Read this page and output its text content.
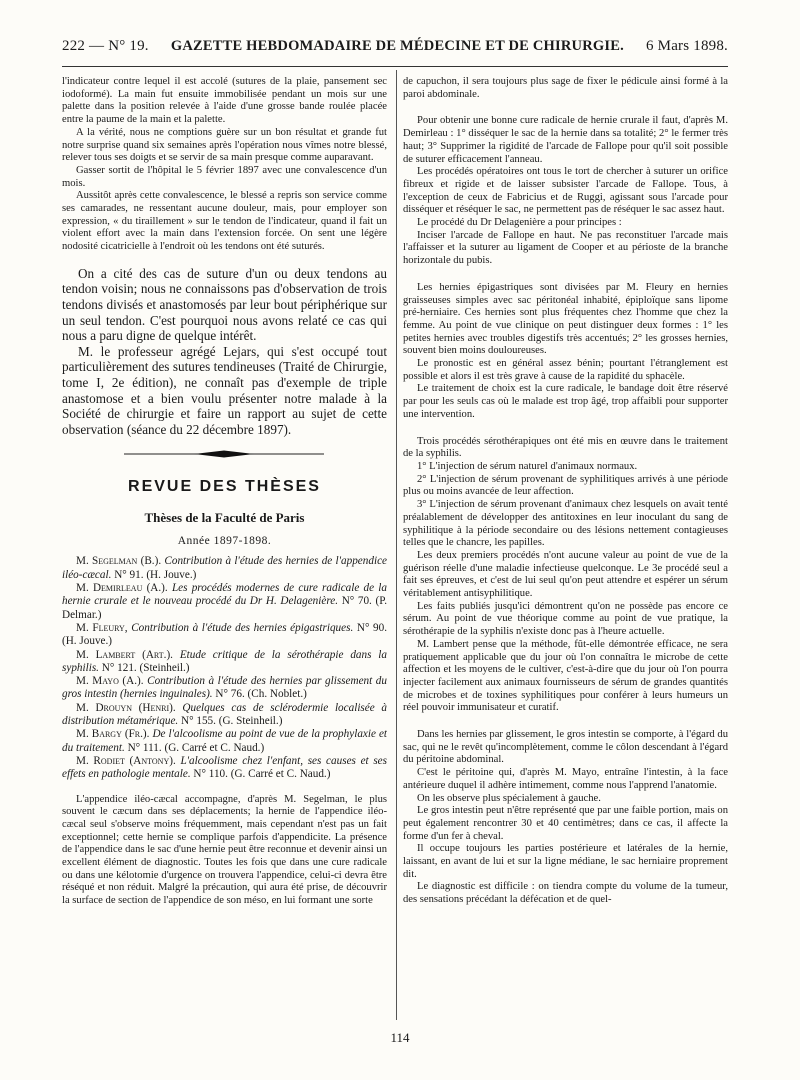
222 — N° 19. GAZETTE HEBDOMADAIRE DE MÉDECINE ET DE CHIRURGIE. 6 Mars 1898.

l'indicateur contre lequel il est accolé (sutures de la plaie, pansement sec iodoformé). La main fut ensuite immobilisée pendant un mois sur une palette dans la position relevée à l'aide d'une grosse bande roulée placée entre la paume de la main et la palette.

A la vérité, nous ne comptions guère sur un bon résultat et grande fut notre surprise quand six semaines après l'opération nous vîmes notre blessé, relever tous ses doigts et se servir de sa main presque comme auparavant.

Gasser sortit de l'hôpital le 5 février 1897 avec une convalescence d'un mois.

Aussitôt après cette convalescence, le blessé a repris son service comme ses camarades, ne ressentant aucune douleur, mais, pour employer son expression, « du tiraillement » sur le tendon de l'indicateur, quand il fait un violent effort avec la main dans l'extension forcée. On sent une légère nodosité cicatricielle à l'endroit où les tendons ont été suturés.

On a cité des cas de suture d'un ou deux tendons au tendon voisin; nous ne connaissons pas d'observation de trois tendons divisés et anastomosés par leur bout périphérique sur un seul tendon. C'est pourquoi nous avons relaté ce cas qui nous a paru digne de quelque intérêt.

M. le professeur agrégé Lejars, qui s'est occupé tout particulièrement des sutures tendineuses (Traité de Chirurgie, tome I, 2e édition), ne connaît pas d'exemple de triple anastomose et a bien voulu présenter notre malade à la Société de chirurgie et faire un rapport au sujet de cette observation (séance du 22 décembre 1897).

REVUE DES THÈSES
Thèses de la Faculté de Paris
Année 1897-1898.

M. Segelman (B.). Contribution à l'étude des hernies de l'appendice iléo-cæcal. N° 91. (H. Jouve.)

M. Demirleau (A.). Les procédés modernes de cure radicale de la hernie crurale et le nouveau procédé du Dr H. Delagenière. N° 70. (P. Delmar.)

M. Fleury, Contribution à l'étude des hernies épigastriques. N° 90. (H. Jouve.)

M. Lambert (Art.). Etude critique de la sérothérapie dans la syphilis. N° 121. (Steinheil.)

M. Mayo (A.). Contribution à l'étude des hernies par glissement du gros intestin (hernies inguinales). N° 76. (Ch. Noblet.)

M. Drouyn (Henri). Quelques cas de sclérodermie localisée à distribution métamérique. N° 155. (G. Steinheil.)

M. Bargy (Fr.). De l'alcoolisme au point de vue de la prophylaxie et du traitement. N° 111. (G. Carré et C. Naud.)

M. Rodiet (Antony). L'alcoolisme chez l'enfant, ses causes et ses effets en pathologie mentale. N° 110. (G. Carré et C. Naud.)

L'appendice iléo-cæcal accompagne, d'après M. Segelman, le plus souvent le cæcum dans ses déplacements; la hernie de l'appendice iléo-cæcal seul s'observe moins fréquemment, mais cependant n'est pas un fait exceptionnel; cette hernie se complique parfois d'appendicite. La présence de l'appendice dans le sac d'une hernie peut être reconnue et devenir ainsi un excellent élément de diagnostic. Toutes les fois que dans une cure radicale ou dans une kélotomie d'urgence on trouvera l'appendice, celui-ci devra être réséqué et non réduit. Malgré la précaution, qui aura été prise, de découvrir la surface de section de l'appendice de son méso, en lui formant une sorte

de capuchon, il sera toujours plus sage de fixer le pédicule ainsi formé à la paroi abdominale.

Pour obtenir une bonne cure radicale de hernie crurale il faut, d'après M. Demirleau : 1° disséquer le sac de la hernie dans sa totalité; 2° le fermer très haut; 3° Supprimer la rigidité de l'arcade de Fallope pour qu'il soit possible de suturer efficacement l'anneau.

Les procédés opératoires ont tous le tort de chercher à suturer un orifice fibreux et rigide et de laisser subsister l'arcade de Fallope. Tous, à l'exception de ceux de Fabricius et de Ruggi, agissant sous l'arcade pour disséquer et réséquer le sac, ne permettent pas de réséquer le sac assez haut.

Le procédé du Dr Delagenière a pour principes :

Inciser l'arcade de Fallope en haut. Ne pas reconstituer l'arcade mais l'affaisser et la suturer au ligament de Cooper et au périoste de la branche horizontale du pubis.

Les hernies épigastriques sont divisées par M. Fleury en hernies graisseuses simples avec sac péritonéal inhabité, épiploïque sans lipome pré-herniaire. Ces hernies sont plus fréquentes chez l'homme que chez la femme. Au point de vue clinique on peut distinguer deux formes : 1° les petites hernies avec troubles digestifs très accentués; 2° les grosses hernies, souvent bien moins douloureuses.

Le pronostic est en général assez bénin; pourtant l'étranglement est possible et alors il est très grave à cause de la rapidité du sphacèle.

Le traitement de choix est la cure radicale, le bandage doit être réservé par pour les seuls cas où le malade est trop âgé, trop affaibli pour supporter une intervention.

Trois procédés sérothérapiques ont été mis en œuvre dans le traitement de la syphilis.

1° L'injection de sérum naturel d'animaux normaux.

2° L'injection de sérum provenant de syphilitiques arrivés à une période plus ou moins avancée de leur affection.

3° L'injection de sérum provenant d'animaux chez lesquels on avait tenté préalablement de développer des antitoxines en leur inoculant du sang de syphilitique à la période secondaire ou des lésions nettement contagieuses telles que le chancre, les papilles.

Les deux premiers procédés n'ont aucune valeur au point de vue de la guérison réelle d'une maladie infectieuse quelconque. Le 3e procédé seul a fait ses épreuves, et c'est de lui seul qu'on peut attendre et espérer un sérum véritablement antisyphilitique.

Les faits publiés jusqu'ici démontrent qu'on ne possède pas encore ce sérum. Au point de vue théorique comme au point de vue pratique, la sérothérapie de la syphilis n'existe donc pas à l'heure actuelle.

M. Lambert pense que la méthode, fût-elle démontrée efficace, ne sera pratiquement applicable que du jour où l'on connaîtra le microbe de cette affection et les moyens de le cultiver, c'est-à-dire que du jour où l'on pourra injecter facilement aux animaux fournisseurs de sérum de grandes quantités de microbes et de toxines syphilitiques pour conférer à leurs humeurs un réel pouvoir immunisateur et curatif.

Dans les hernies par glissement, le gros intestin se comporte, à l'égard du sac, qui ne le revêt qu'incomplètement, comme le côlon descendant à l'égard du péritoine abdominal.

C'est le péritoine qui, d'après M. Mayo, entraîne l'intestin, à la face antérieure duquel il adhère intimement, comme nous l'apprend l'anatomie.

On les observe plus spécialement à gauche.

Le gros intestin peut n'être représenté que par une faible portion, mais on peut également rencontrer 30 et 40 centimètres; dans ce cas, il affecte la forme d'un fer à cheval.

Il occupe toujours les parties postérieure et latérales de la hernie, laissant, en avant de lui et sur la ligne médiane, le sac herniaire proprement dit.

Le diagnostic est difficile : on tiendra compte du volume de la tumeur, des sensations précédant la défécation et de quel-

114
